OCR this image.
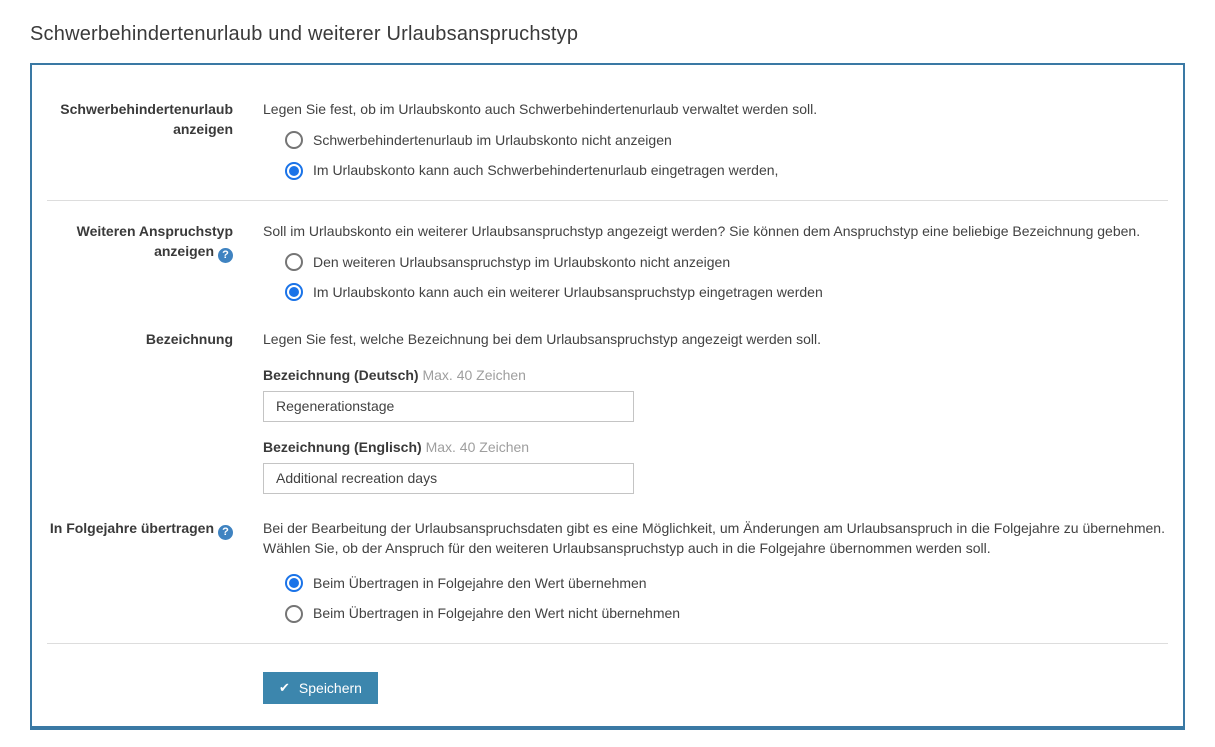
Schwerbehindertenurlaub und weiterer Urlaubsanspruchstyp
Schwerbehindertenurlaub anzeigen

Legen Sie fest, ob im Urlaubskonto auch Schwerbehindertenurlaub verwaltet werden soll.

Schwerbehindertenurlaub im Urlaubskonto nicht anzeigen
Im Urlaubskonto kann auch Schwerbehindertenurlaub eingetragen werden,
Weiteren Anspruchstyp anzeigen ?

Soll im Urlaubskonto ein weiterer Urlaubsanspruchstyp angezeigt werden? Sie können dem Anspruchstyp eine beliebige Bezeichnung geben.

Den weiteren Urlaubsanspruchstyp im Urlaubskonto nicht anzeigen
Im Urlaubskonto kann auch ein weiterer Urlaubsanspruchstyp eingetragen werden
Bezeichnung Legen Sie fest, welche Bezeichnung bei dem Urlaubsanspruchstyp angezeigt werden soll.

Bezeichnung (Deutsch) Max. 40 Zeichen
Regenerationstage
Bezeichnung (Englisch) Max. 40 Zeichen
Additional recreation days
In Folgejahre übertragen ? Bei der Bearbeitung der Urlaubsanspruchsdaten gibt es eine Möglichkeit, um Änderungen am Urlaubsanspruch in die Folgejahre zu übernehmen. Wählen Sie, ob der Anspruch für den weiteren Urlaubsanspruchstyp auch in die Folgejahre übernommen werden soll.

Beim Übertragen in Folgejahre den Wert übernehmen
Beim Übertragen in Folgejahre den Wert nicht übernehmen
✔ Speichern
